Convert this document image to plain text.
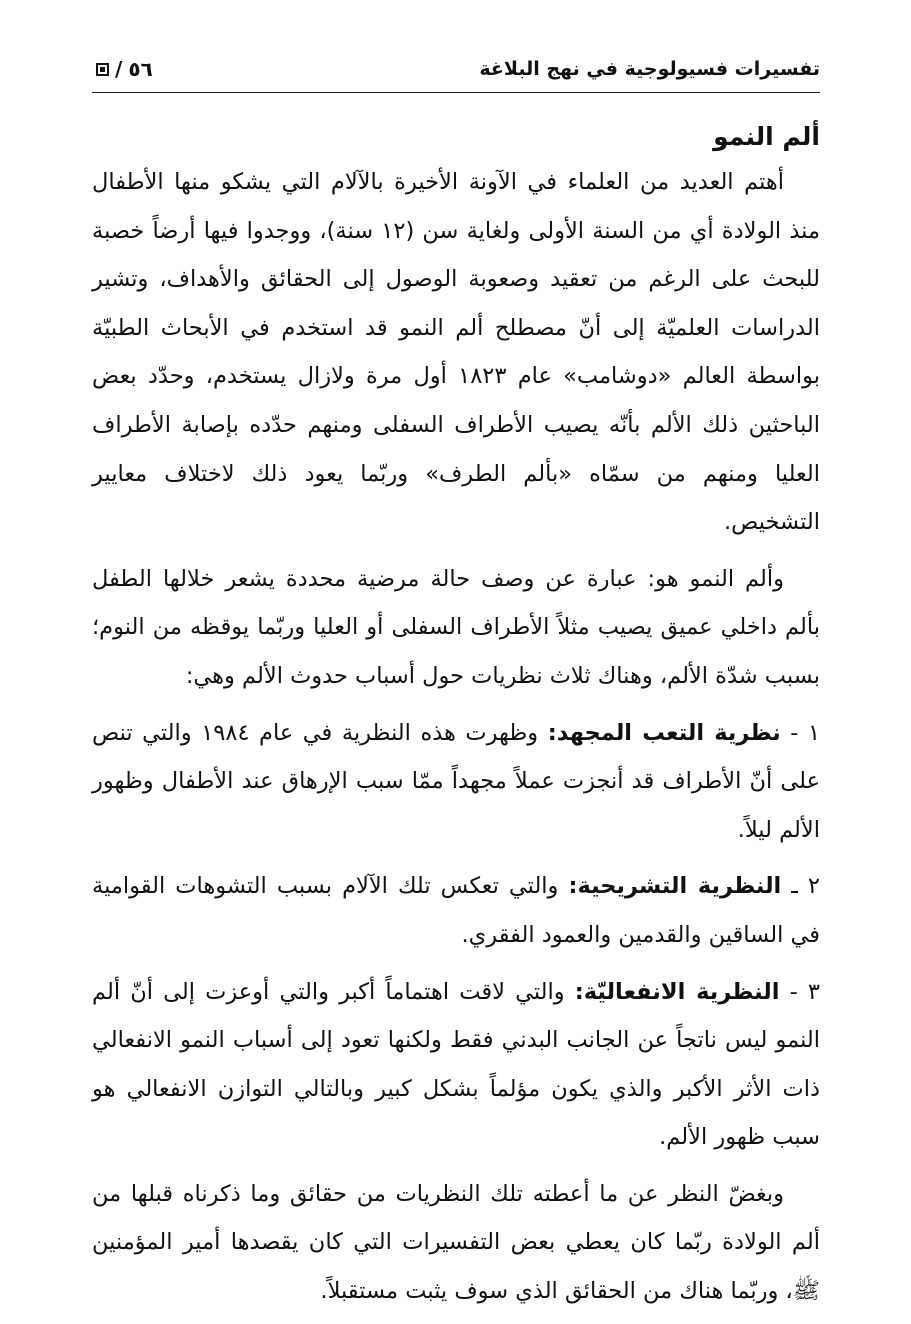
تفسيرات فسيولوجية في نهج البلاغة
٥٦
/
ألم النمو

أهتم العديد من العلماء في الآونة الأخيرة بالآلام التي يشكو منها الأطفال منذ الولادة أي من السنة الأولى ولغاية سن (١٢ سنة)، ووجدوا فيها أرضاً خصبة للبحث على الرغم من تعقيد وصعوبة الوصول إلى الحقائق والأهداف، وتشير الدراسات العلميّة إلى أنّ مصطلح ألم النمو قد استخدم في الأبحاث الطبيّة بواسطة العالم «دوشامب» عام ١٨٢٣ أول مرة ولازال يستخدم، وحدّد بعض الباحثين ذلك الألم بأنّه يصيب الأطراف السفلى ومنهم حدّده بإصابة الأطراف العليا ومنهم من سمّاه «بألم الطرف» وربّما يعود ذلك لاختلاف معايير التشخيص.

وألم النمو هو: عبارة عن وصف حالة مرضية محددة يشعر خلالها الطفل بألم داخلي عميق يصيب مثلاً الأطراف السفلى أو العليا وربّما يوقظه من النوم؛ بسبب شدّة الألم، وهناك ثلاث نظريات حول أسباب حدوث الألم وهي:

١ - نظرية التعب المجهد: وظهرت هذه النظرية في عام ١٩٨٤ والتي تنص على أنّ الأطراف قد أنجزت عملاً مجهداً ممّا سبب الإرهاق عند الأطفال وظهور الألم ليلاً.

٢ ـ النظرية التشريحية: والتي تعكس تلك الآلام بسبب التشوهات القوامية في الساقين والقدمين والعمود الفقري.

٣ - النظرية الانفعاليّة: والتي لاقت اهتماماً أكبر والتي أوعزت إلى أنّ ألم النمو ليس ناتجاً عن الجانب البدني فقط ولكنها تعود إلى أسباب النمو الانفعالي ذات الأثر الأكبر والذي يكون مؤلماً بشكل كبير وبالتالي التوازن الانفعالي هو سبب ظهور الألم.

وبغضّ النظر عن ما أعطته تلك النظريات من حقائق وما ذكرناه قبلها من ألم الولادة ربّما كان يعطي بعض التفسيرات التي كان يقصدها أمير المؤمنين ﷺ، وربّما هناك من الحقائق الذي سوف يثبت مستقبلاً.
